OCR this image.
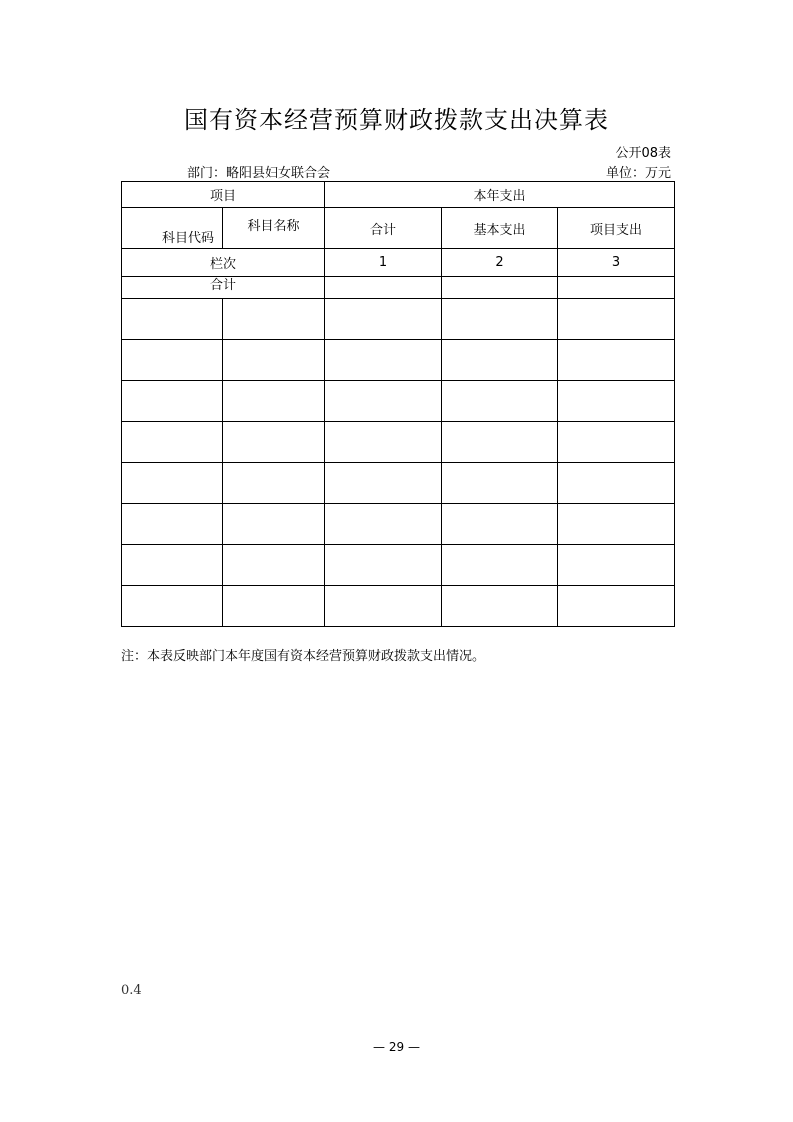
国有资本经营预算财政拨款支出决算表
公开08表
部门：略阳县妇女联合会	单位：万元
项目		本年支出		

科目代码	科目名称	合计	基本支出	项目支出
栏次		1	2	3
合计				

注：本表反映部门本年度国有资本经营预算财政拨款支出情况。
0.4
— 29 —
